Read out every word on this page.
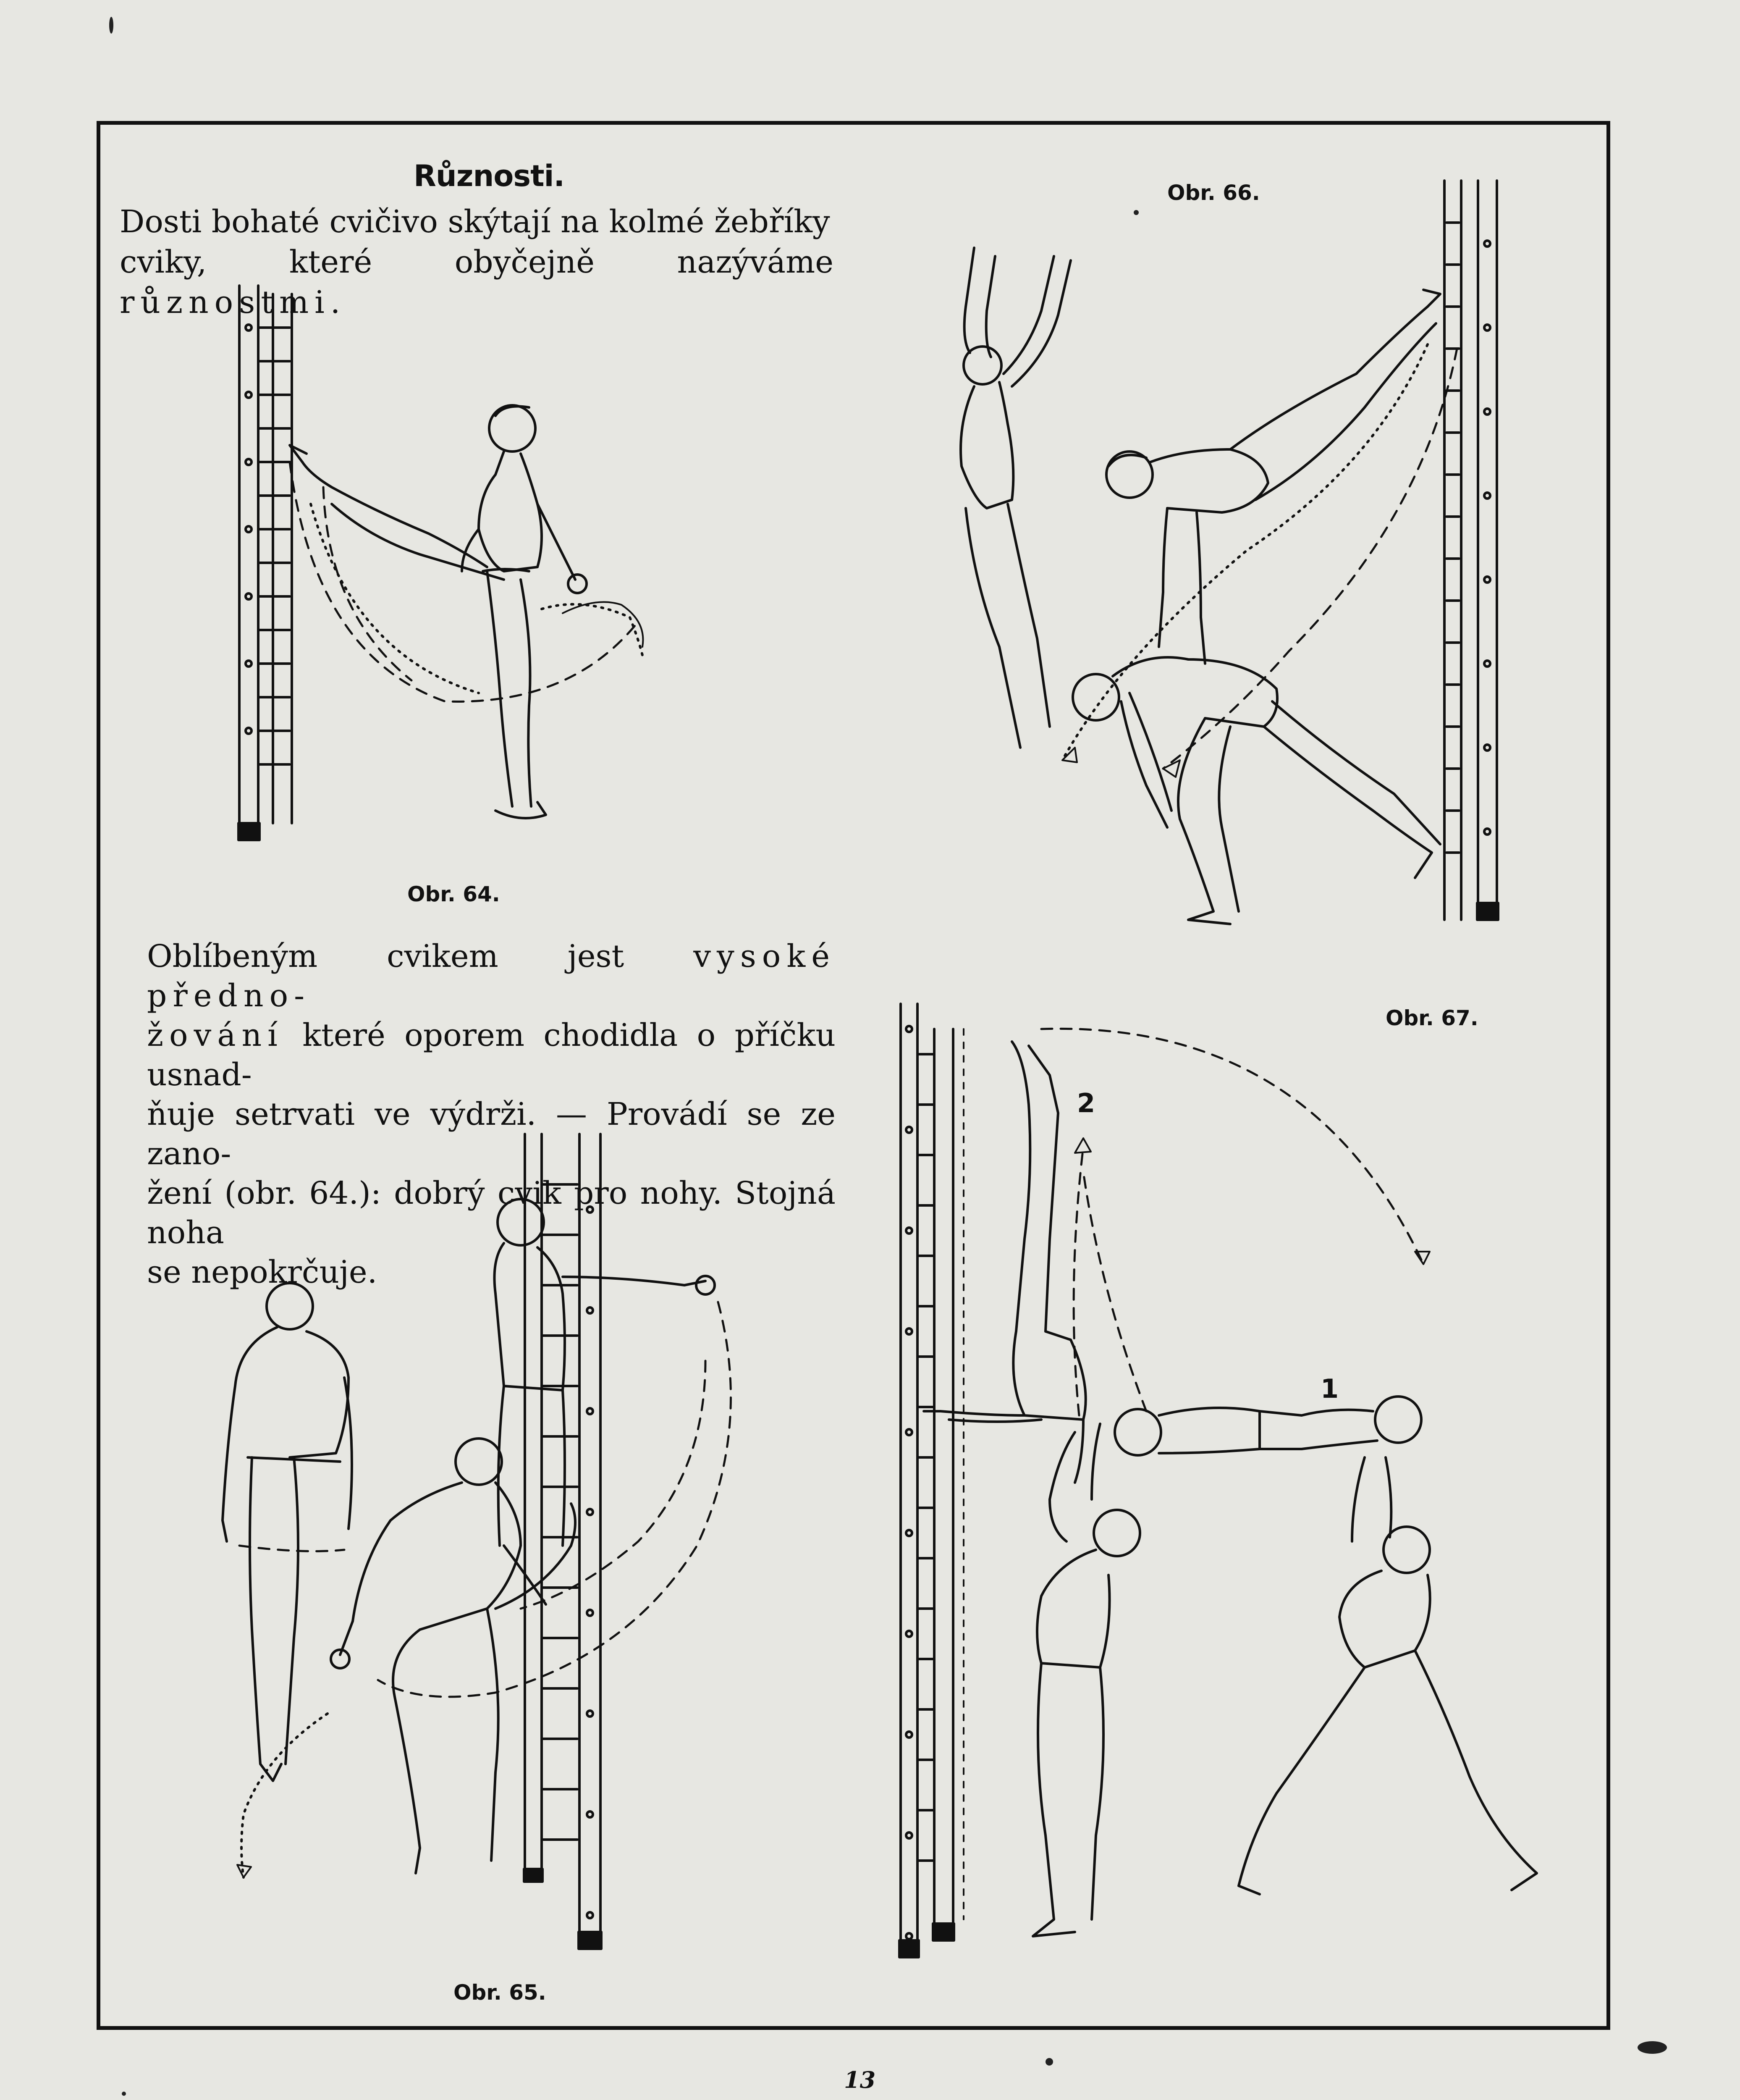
Různosti.
Dosti bohaté cvičivo skýtají na kolmé žebříky
cviky, které obyčejně nazýváme různostmi.
Obr. 66.
Obr. 64.
Oblíbeným cvikem jest vysoké předno-
žování které oporem chodidla o příčku usnad-
ňuje setrvati ve výdrži. — Provádí se ze zano-
žení (obr. 64.): dobrý cvik pro nohy. Stojná noha
se nepokrčuje.
Obr. 67.
Obr. 65.
2
1
13
